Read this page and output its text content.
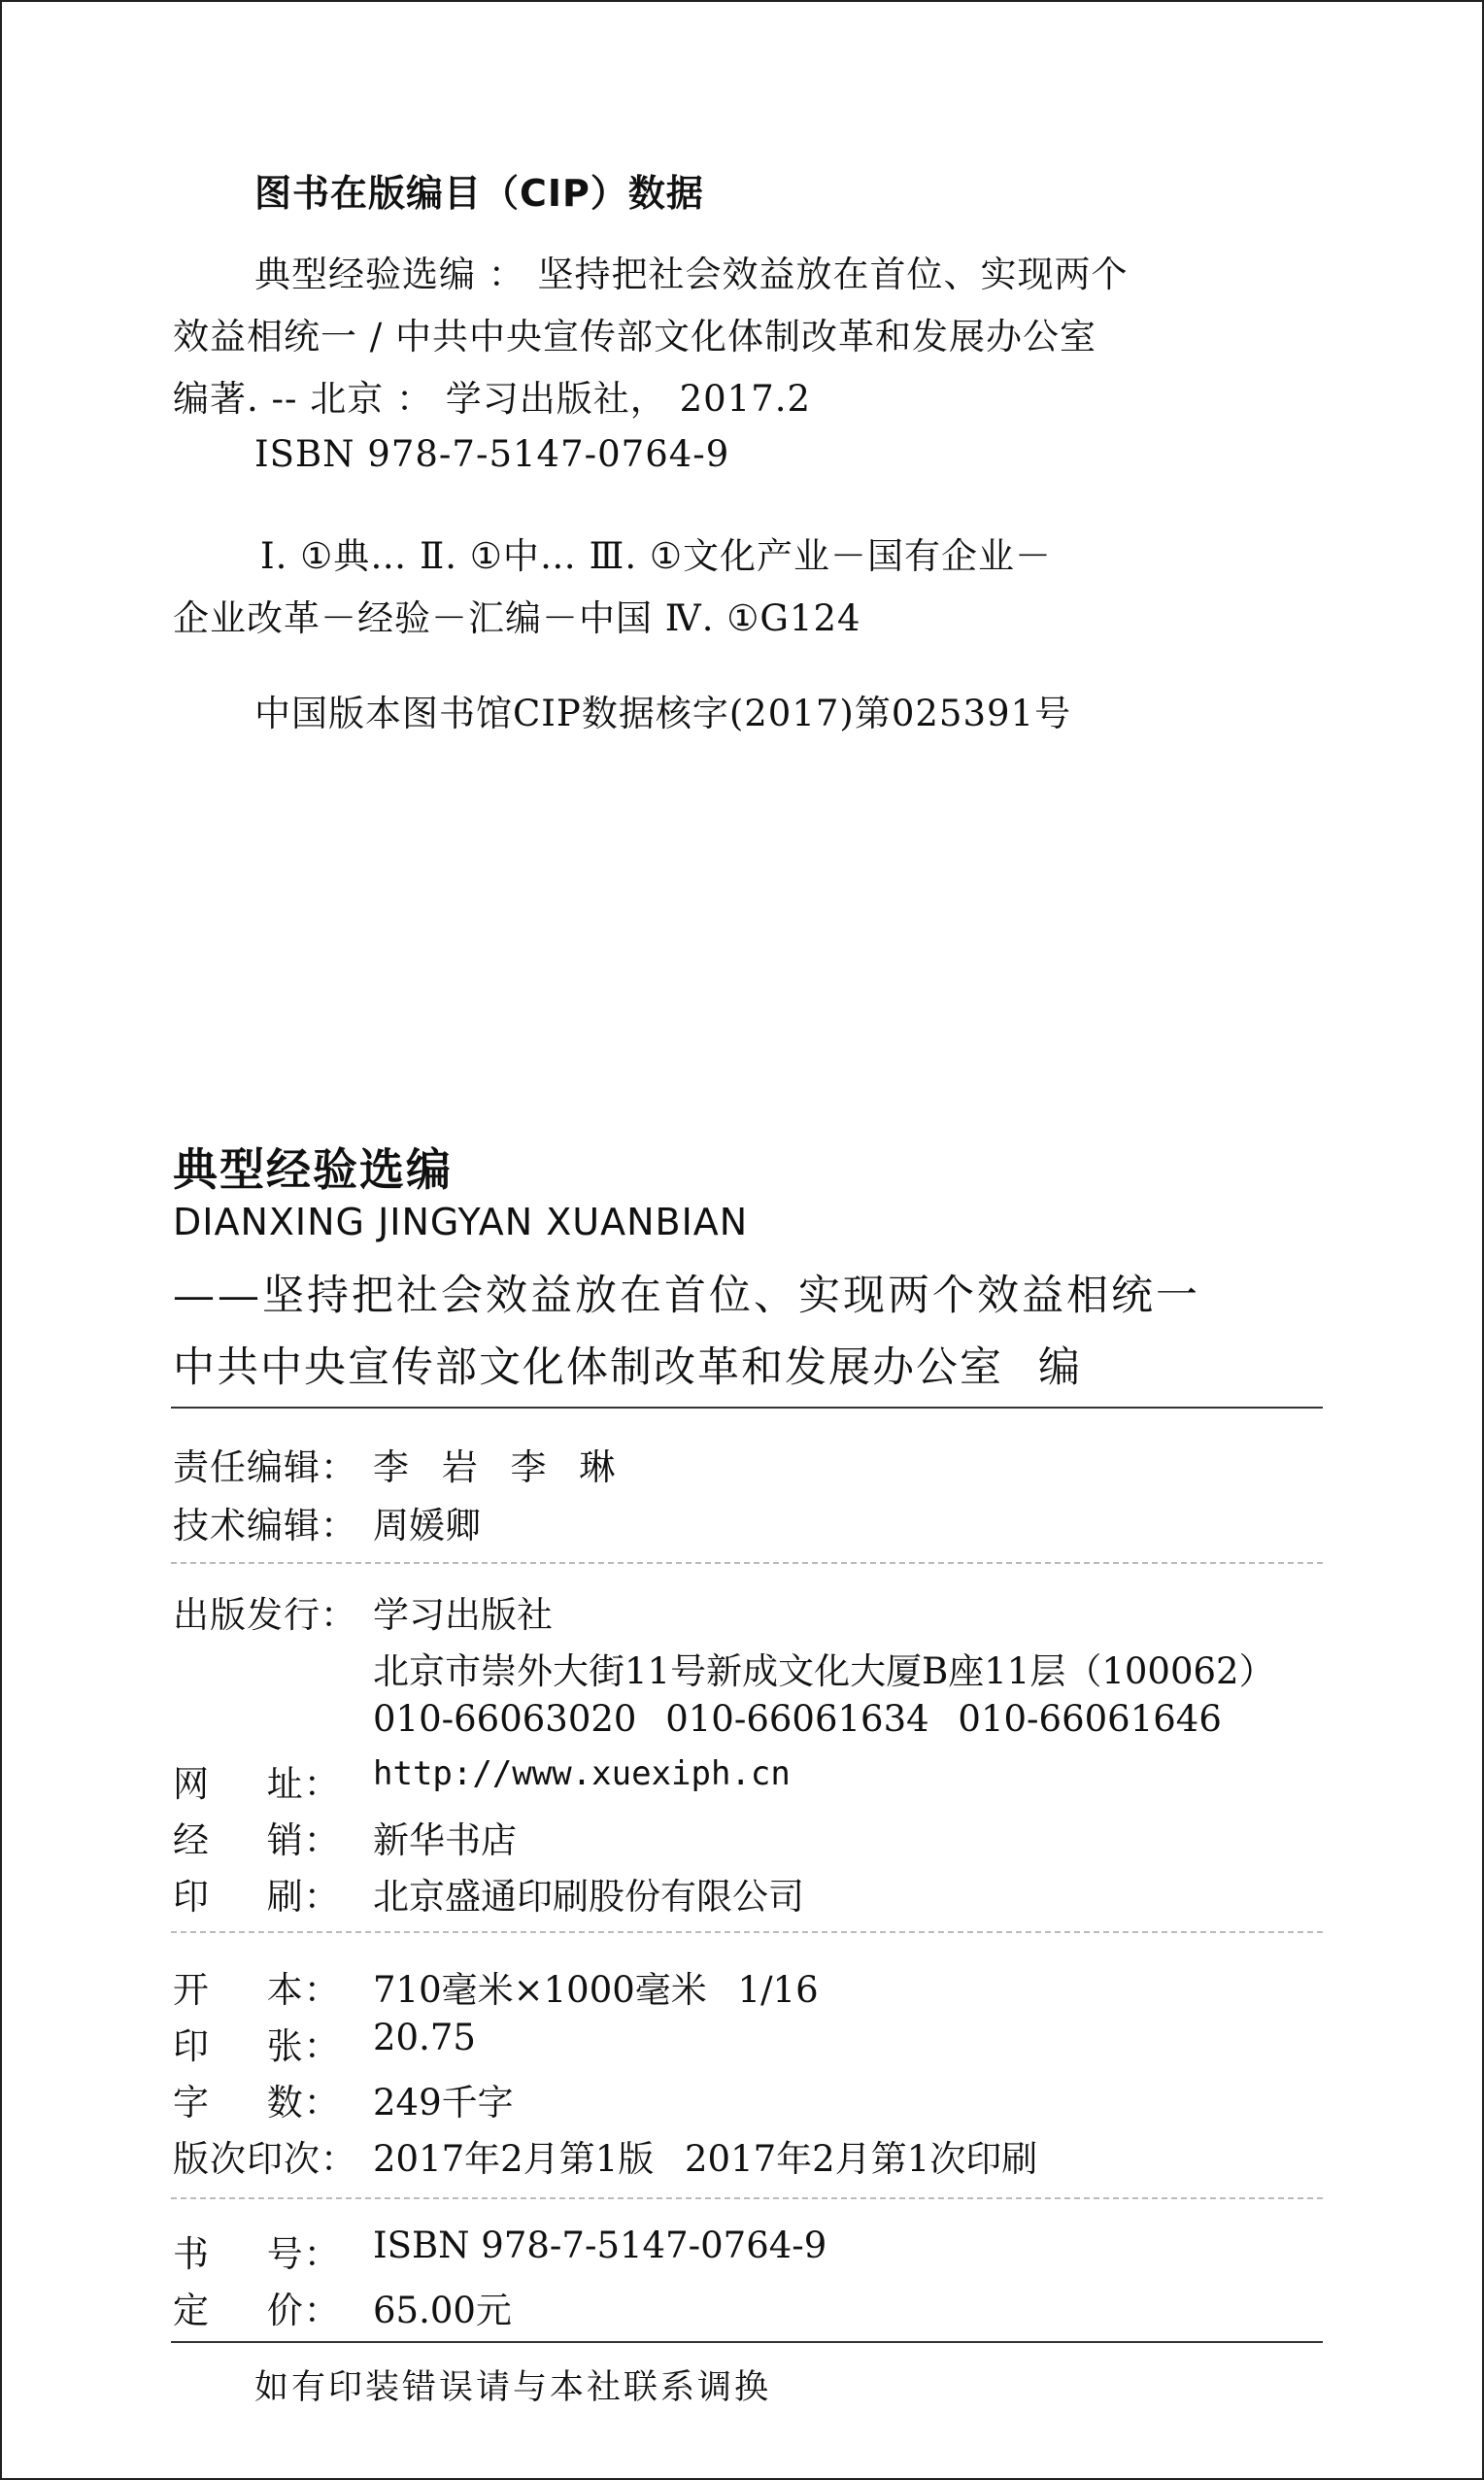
图书在版编目（CIP）数据
典型经验选编 ： 坚持把社会效益放在首位、实现两个
效益相统一 / 中共中央宣传部文化体制改革和发展办公室
编著. -- 北京 ： 学习出版社， 2017.2
ISBN 978-7-5147-0764-9
Ⅰ. ①典… Ⅱ. ①中… Ⅲ. ①文化产业－国有企业－
企业改革－经验－汇编－中国 Ⅳ. ①G124
中国版本图书馆CIP数据核字(2017)第025391号
典型经验选编
DIANXING JINGYAN XUANBIAN
——坚持把社会效益放在首位、实现两个效益相统一
中共中央宣传部文化体制改革和发展办公室 编
责任编辑： 李 岩 李 琳
技术编辑： 周媛卿
出版发行： 学习出版社
北京市崇外大街11号新成文化大厦B座11层（100062）
010-66063020 010-66061634 010-66061646
网 址： http://www.xuexiph.cn
经 销： 新华书店
印 刷： 北京盛通印刷股份有限公司
开 本： 710毫米×1000毫米 1/16
印 张： 20.75
字 数： 249千字
版次印次： 2017年2月第1版 2017年2月第1次印刷
书 号： ISBN 978-7-5147-0764-9
定 价： 65.00元
如有印装错误请与本社联系调换
